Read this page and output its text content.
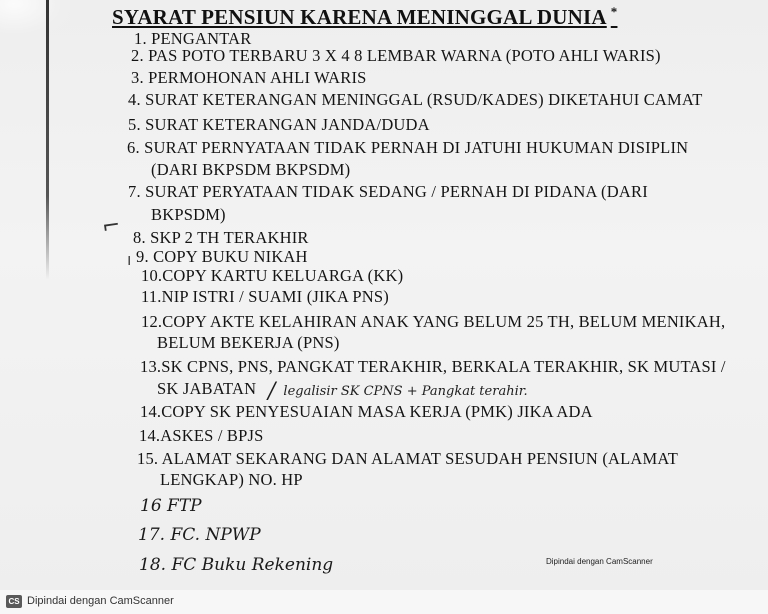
SYARAT PENSIUN KARENA MENINGGAL DUNIA *
1. PENGANTAR
2. PAS POTO TERBARU 3 X 4 8 LEMBAR WARNA (POTO AHLI WARIS)
3. PERMOHONAN AHLI WARIS
4. SURAT KETERANGAN MENINGGAL (RSUD/KADES) DIKETAHUI CAMAT
5. SURAT KETERANGAN JANDA/DUDA
6. SURAT PERNYATAAN TIDAK PERNAH DI JATUHI HUKUMAN DISIPLIN
(DARI BKPSDM BKPSDM)
7. SURAT PERYATAAN TIDAK SEDANG / PERNAH DI PIDANA (DARI
BKPSDM)
⌐ 8. SKP 2 TH TERAKHIR
ı 9. COPY BUKU NIKAH
10.COPY KARTU KELUARGA (KK)
11.NIP ISTRI / SUAMI (JIKA PNS)
12.COPY AKTE KELAHIRAN ANAK YANG BELUM 25 TH, BELUM MENIKAH,
BELUM BEKERJA (PNS)
13.SK CPNS, PNS, PANGKAT TERAKHIR, BERKALA TERAKHIR, SK MUTASI /
SK JABATAN / legalisir SK CPNS + Pangkat terahir.
14.COPY SK PENYESUAIAN MASA KERJA (PMK) JIKA ADA
14.ASKES / BPJS
15. ALAMAT SEKARANG DAN ALAMAT SESUDAH PENSIUN (ALAMAT
LENGKAP) NO. HP
16 FTP
17. FC. NPWP
18. FC Buku Rekening	Dipindai dengan CamScanner
CS Dipindai dengan CamScanner
